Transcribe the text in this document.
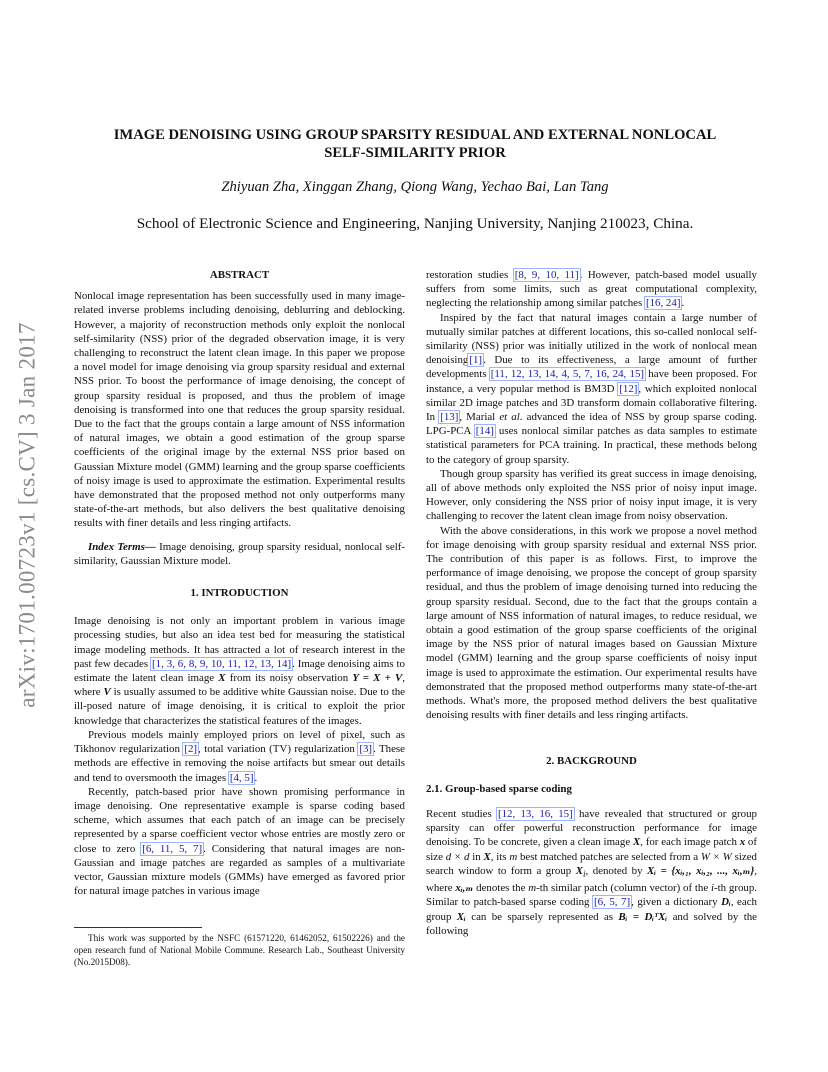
arXiv:1701.00723v1 [cs.CV] 3 Jan 2017
IMAGE DENOISING USING GROUP SPARSITY RESIDUAL AND EXTERNAL NONLOCAL
SELF-SIMILARITY PRIOR
Zhiyuan Zha, Xinggan Zhang, Qiong Wang, Yechao Bai, Lan Tang
School of Electronic Science and Engineering, Nanjing University, Nanjing 210023, China.
ABSTRACT

Nonlocal image representation has been successfully used in many image-related inverse problems including denoising, deblurring and deblocking. However, a majority of reconstruction methods only exploit the nonlocal self-similarity (NSS) prior of the degraded observation image, it is very challenging to reconstruct the latent clean image. In this paper we propose a novel model for image denoising via group sparsity residual and external NSS prior. To boost the performance of image denoising, the concept of group sparsity residual is proposed, and thus the problem of image denoising is transformed into one that reduces the group sparsity residual. Due to the fact that the groups contain a large amount of NSS information of natural images, we obtain a good estimation of the group sparse coefficients of the original image by the external NSS prior based on Gaussian Mixture model (GMM) learning and the group sparse coefficients of noisy image is used to approximate the estimation. Experimental results have demonstrated that the proposed method not only outperforms many state-of-the-art methods, but also delivers the best qualitative denoising results with finer details and less ringing artifacts.

Index Terms— Image denoising, group sparsity residual, nonlocal self-similarity, Gaussian Mixture model.

1. INTRODUCTION

Image denoising is not only an important problem in various image processing studies, but also an idea test bed for measuring the statistical image modeling methods. It has attracted a lot of research interest in the past few decades [1, 3, 6, 8, 9, 10, 11, 12, 13, 14]. Image denoising aims to estimate the latent clean image X from its noisy observation Y = X + V, where V is usually assumed to be additive white Gaussian noise. Due to the ill-posed nature of image denoising, it is critical to exploit the prior knowledge that characterizes the statistical features of the images.

Previous models mainly employed priors on level of pixel, such as Tikhonov regularization [2], total variation (TV) regularization [3]. These methods are effective in removing the noise artifacts but smear out details and tend to oversmooth the images [4, 5].

Recently, patch-based prior have shown promising performance in image denoising. One representative example is sparse coding based scheme, which assumes that each patch of an image can be precisely represented by a sparse coefficient vector whose entries are mostly zero or close to zero [6, 11, 5, 7]. Considering that natural images are non-Gaussian and image patches are regarded as samples of a multivariate vector, Gaussian mixture models (GMMs) have emerged as favored prior for natural image patches in various image

This work was supported by the NSFC (61571220, 61462052, 61502226) and the open research fund of National Mobile Commune. Research Lab., Southeast University (No.2015D08).

restoration studies [8, 9, 10, 11]. However, patch-based model usually suffers from some limits, such as great computational complexity, neglecting the relationship among similar patches [16, 24].

Inspired by the fact that natural images contain a large number of mutually similar patches at different locations, this so-called nonlocal self-similarity (NSS) prior was initially utilized in the work of nonlocal mean denoising[1]. Due to its effectiveness, a large amount of further developments [11, 12, 13, 14, 4, 5, 7, 16, 24, 15] have been proposed. For instance, a very popular method is BM3D [12], which exploited nonlocal similar 2D image patches and 3D transform domain collaborative filtering. In [13], Marial et al. advanced the idea of NSS by group sparse coding. LPG-PCA [14] uses nonlocal similar patches as data samples to estimate statistical parameters for PCA training. In practical, these methods belong to the category of group sparsity.

Though group sparsity has verified its great success in image denoising, all of above methods only exploited the NSS prior of noisy input image. However, only considering the NSS prior of noisy input image, it is very challenging to recover the latent clean image from noisy observation.

With the above considerations, in this work we propose a novel method for image denoising with group sparsity residual and external NSS prior. The contribution of this paper is as follows. First, to improve the performance of image denoising, we propose the concept of group sparsity residual, and thus the problem of image denoising turned into reducing the group sparsity residual. Second, due to the fact that the groups contain a large amount of NSS information of natural images, to reduce residual, we obtain a good estimation of the group sparse coefficients of the original image by the NSS prior of natural images based on Gaussian Mixture model (GMM) learning and the group sparse coefficients of noisy input image is used to approximate the estimation. Our experimental results have demonstrated that the proposed method outperforms many state-of-the-art methods. What's more, the proposed method delivers the best qualitative denoising results with finer details and less ringing artifacts.

2. BACKGROUND
2.1. Group-based sparse coding

Recent studies [12, 13, 16, 15] have revealed that structured or group sparsity can offer powerful reconstruction performance for image denoising. To be concrete, given a clean image X, for each image patch x of size d × d in X, its m best matched patches are selected from a W × W sized search window to form a group $X_i$, denoted by Xᵢ = {xᵢ,₁, xᵢ,₂, ..., xᵢ,ₘ}, where xᵢ,ₘ denotes the m-th similar patch (column vector) of the i-th group. Similar to patch-based sparse coding [6, 5, 7], given a dictionary Dᵢ, each group Xᵢ can be sparsely represented as Bᵢ = DᵢᵀXᵢ and solved by the following
